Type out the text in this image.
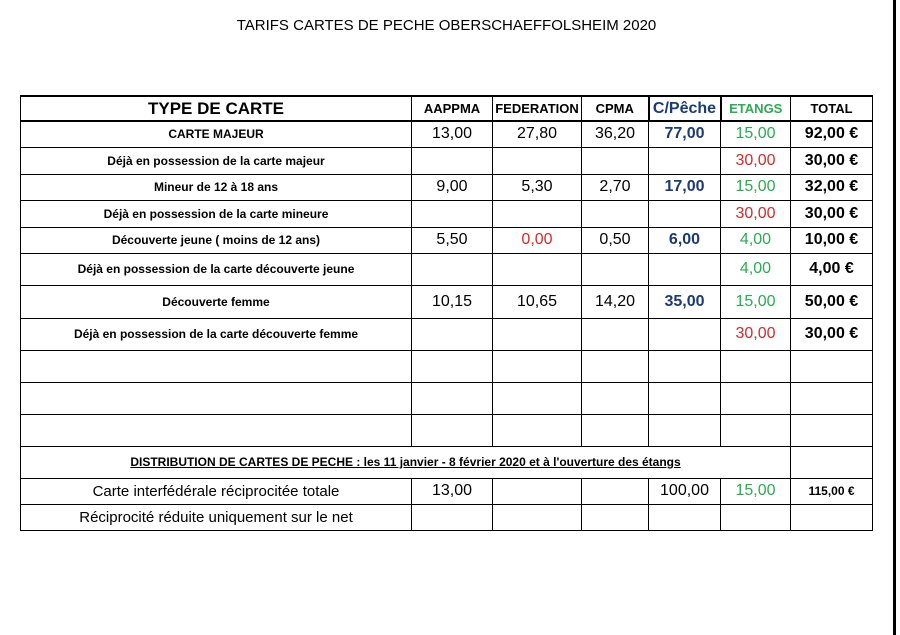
TARIFS CARTES DE PECHE OBERSCHAEFFOLSHEIM 2020
TYPE DE CARTE	AAPPMA	FEDERATION	CPMA	C/Pêche	ETANGS	TOTAL
CARTE MAJEUR	13,00	27,80	36,20	77,00	15,00	92,00 €
Déjà en possession de la carte majeur					30,00	30,00 €
Mineur de 12 à 18 ans	9,00	5,30	2,70	17,00	15,00	32,00 €
Déjà en possession de la carte mineure					30,00	30,00 €
Découverte jeune ( moins de 12 ans)	5,50	0,00	0,50	6,00	4,00	10,00 €
Déjà en possession de la carte découverte jeune					4,00	4,00 €
Découverte femme	10,15	10,65	14,20	35,00	15,00	50,00 €
Déjà en possession de la carte découverte femme					30,00	30,00 €

DISTRIBUTION DE CARTES DE PECHE : les 11 janvier - 8 février 2020 et à l'ouverture des étangs						
Carte interfédérale réciprocitée totale	13,00			100,00	15,00	115,00 €
Réciprocité réduite uniquement sur le net						
